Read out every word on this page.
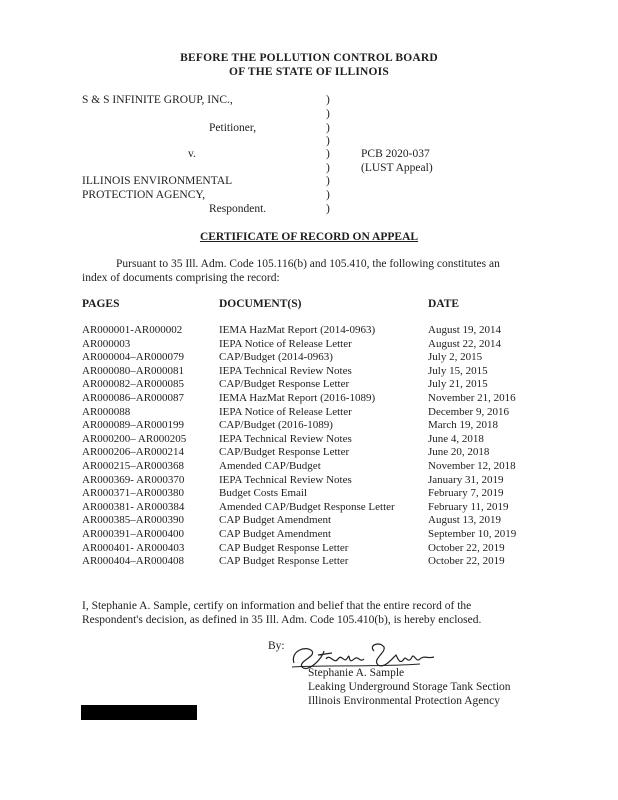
BEFORE THE POLLUTION CONTROL BOARD
OF THE STATE OF ILLINOIS
S & S INFINITE GROUP, INC.,
Petitioner,
v.
ILLINOIS ENVIRONMENTAL
PROTECTION AGENCY,
Respondent.
)
)
)
)
)
)
)
)
)
PCB 2020-037
(LUST Appeal)
CERTIFICATE OF RECORD ON APPEAL
Pursuant to 35 Ill. Adm. Code 105.116(b) and 105.410, the following constitutes an
index of documents comprising the record:
PAGES	DOCUMENT(S)	DATE
AR000001-AR000002	IEMA HazMat Report (2014-0963)	August 19, 2014
AR000003	IEPA Notice of Release Letter	August 22, 2014
AR000004–AR000079	CAP/Budget (2014-0963)	July 2, 2015
AR000080–AR000081	IEPA Technical Review Notes	July 15, 2015
AR000082–AR000085	CAP/Budget Response Letter	July 21, 2015
AR000086–AR000087	IEMA HazMat Report (2016-1089)	November 21, 2016
AR000088	IEPA Notice of Release Letter	December 9, 2016
AR000089–AR000199	CAP/Budget (2016-1089)	March 19, 2018
AR000200– AR000205	IEPA Technical Review Notes	June 4, 2018
AR000206–AR000214	CAP/Budget Response Letter	June 20, 2018
AR000215–AR000368	Amended CAP/Budget	November 12, 2018
AR000369- AR000370	IEPA Technical Review Notes	January 31, 2019
AR000371–AR000380	Budget Costs Email	February 7, 2019
AR000381- AR000384	Amended CAP/Budget Response Letter	February 11, 2019
AR000385–AR000390	CAP Budget Amendment	August 13, 2019
AR000391–AR000400	CAP Budget Amendment	September 10, 2019
AR000401- AR000403	CAP Budget Response Letter	October 22, 2019
AR000404–AR000408	CAP Budget Response Letter	October 22, 2019
I, Stephanie A. Sample, certify on information and belief that the entire record of the
Respondent's decision, as defined in 35 Ill. Adm. Code 105.410(b), is hereby enclosed.
By:
Stephanie A. Sample
Leaking Underground Storage Tank Section
Illinois Environmental Protection Agency
